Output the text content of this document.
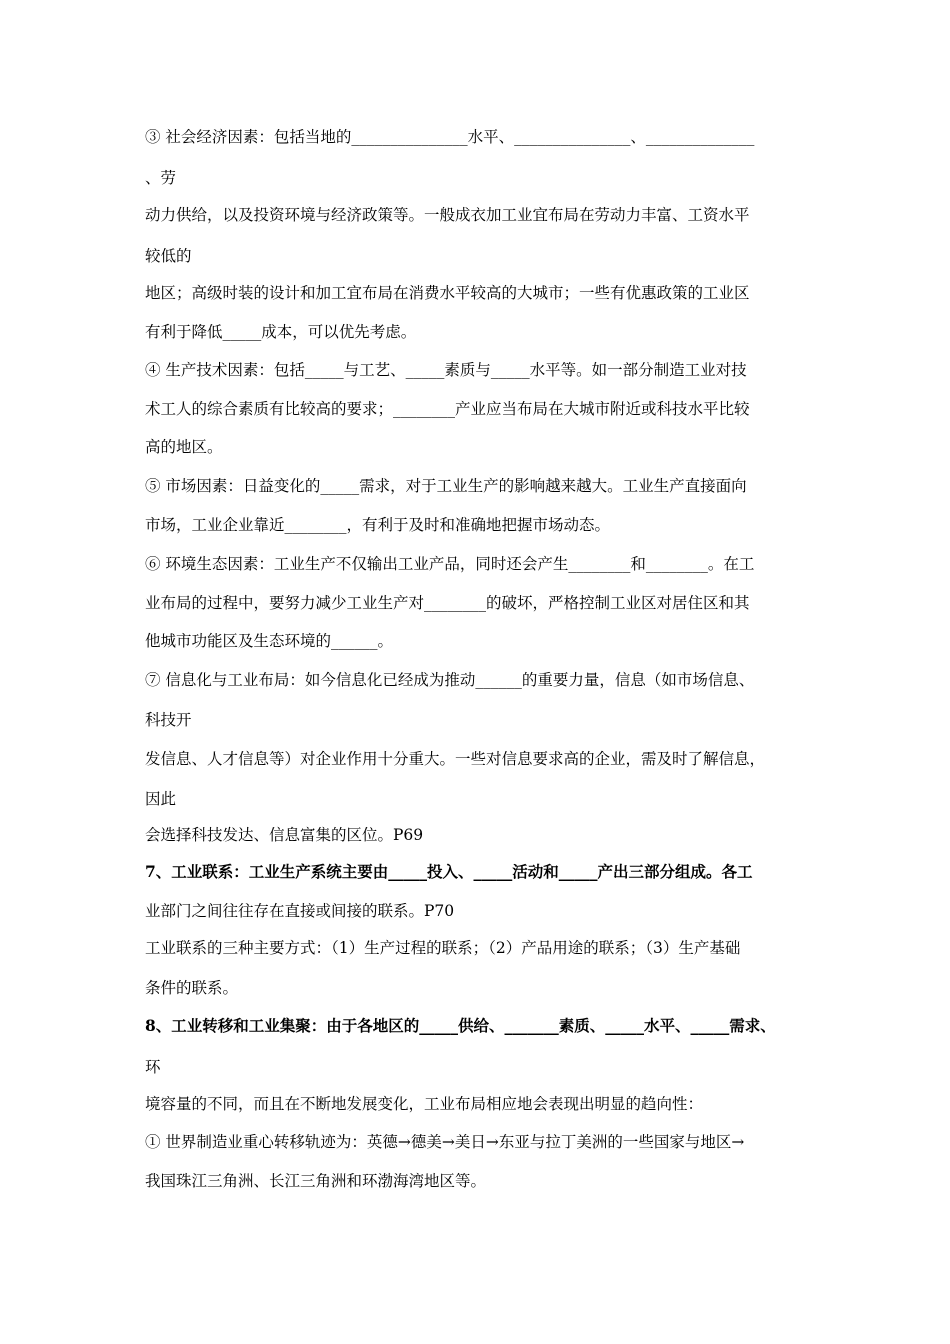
③ 社会经济因素：包括当地的_______________水平、_______________、______________
、劳
动力供给，以及投资环境与经济政策等。一般成衣加工业宜布局在劳动力丰富、工资水平
较低的
地区；高级时装的设计和加工宜布局在消费水平较高的大城市；一些有优惠政策的工业区
有利于降低_____成本，可以优先考虑。
④ 生产技术因素：包括_____与工艺、_____素质与_____水平等。如一部分制造工业对技
术工人的综合素质有比较高的要求；________产业应当布局在大城市附近或科技水平比较
高的地区。
⑤ 市场因素：日益变化的_____需求，对于工业生产的影响越来越大。工业生产直接面向
市场，工业企业靠近________，有利于及时和准确地把握市场动态。
⑥ 环境生态因素：工业生产不仅输出工业产品，同时还会产生________和________。在工
业布局的过程中，要努力减少工业生产对________的破坏，严格控制工业区对居住区和其
他城市功能区及生态环境的______。
⑦ 信息化与工业布局：如今信息化已经成为推动______的重要力量，信息（如市场信息、
科技开
发信息、人才信息等）对企业作用十分重大。一些对信息要求高的企业，需及时了解信息，
因此
会选择科技发达、信息富集的区位。P69
7、工业联系：工业生产系统主要由_____投入、_____活动和_____产出三部分组成。各工
业部门之间往往存在直接或间接的联系。P70
工业联系的三种主要方式：（1）生产过程的联系；（2）产品用途的联系；（3）生产基础
条件的联系。
8、工业转移和工业集聚：由于各地区的_____供给、_______素质、_____水平、_____需求、
环
境容量的不同，而且在不断地发展变化，工业布局相应地会表现出明显的趋向性：
① 世界制造业重心转移轨迹为：英德→德美→美日→东亚与拉丁美洲的一些国家与地区→
我国珠江三角洲、长江三角洲和环渤海湾地区等。
